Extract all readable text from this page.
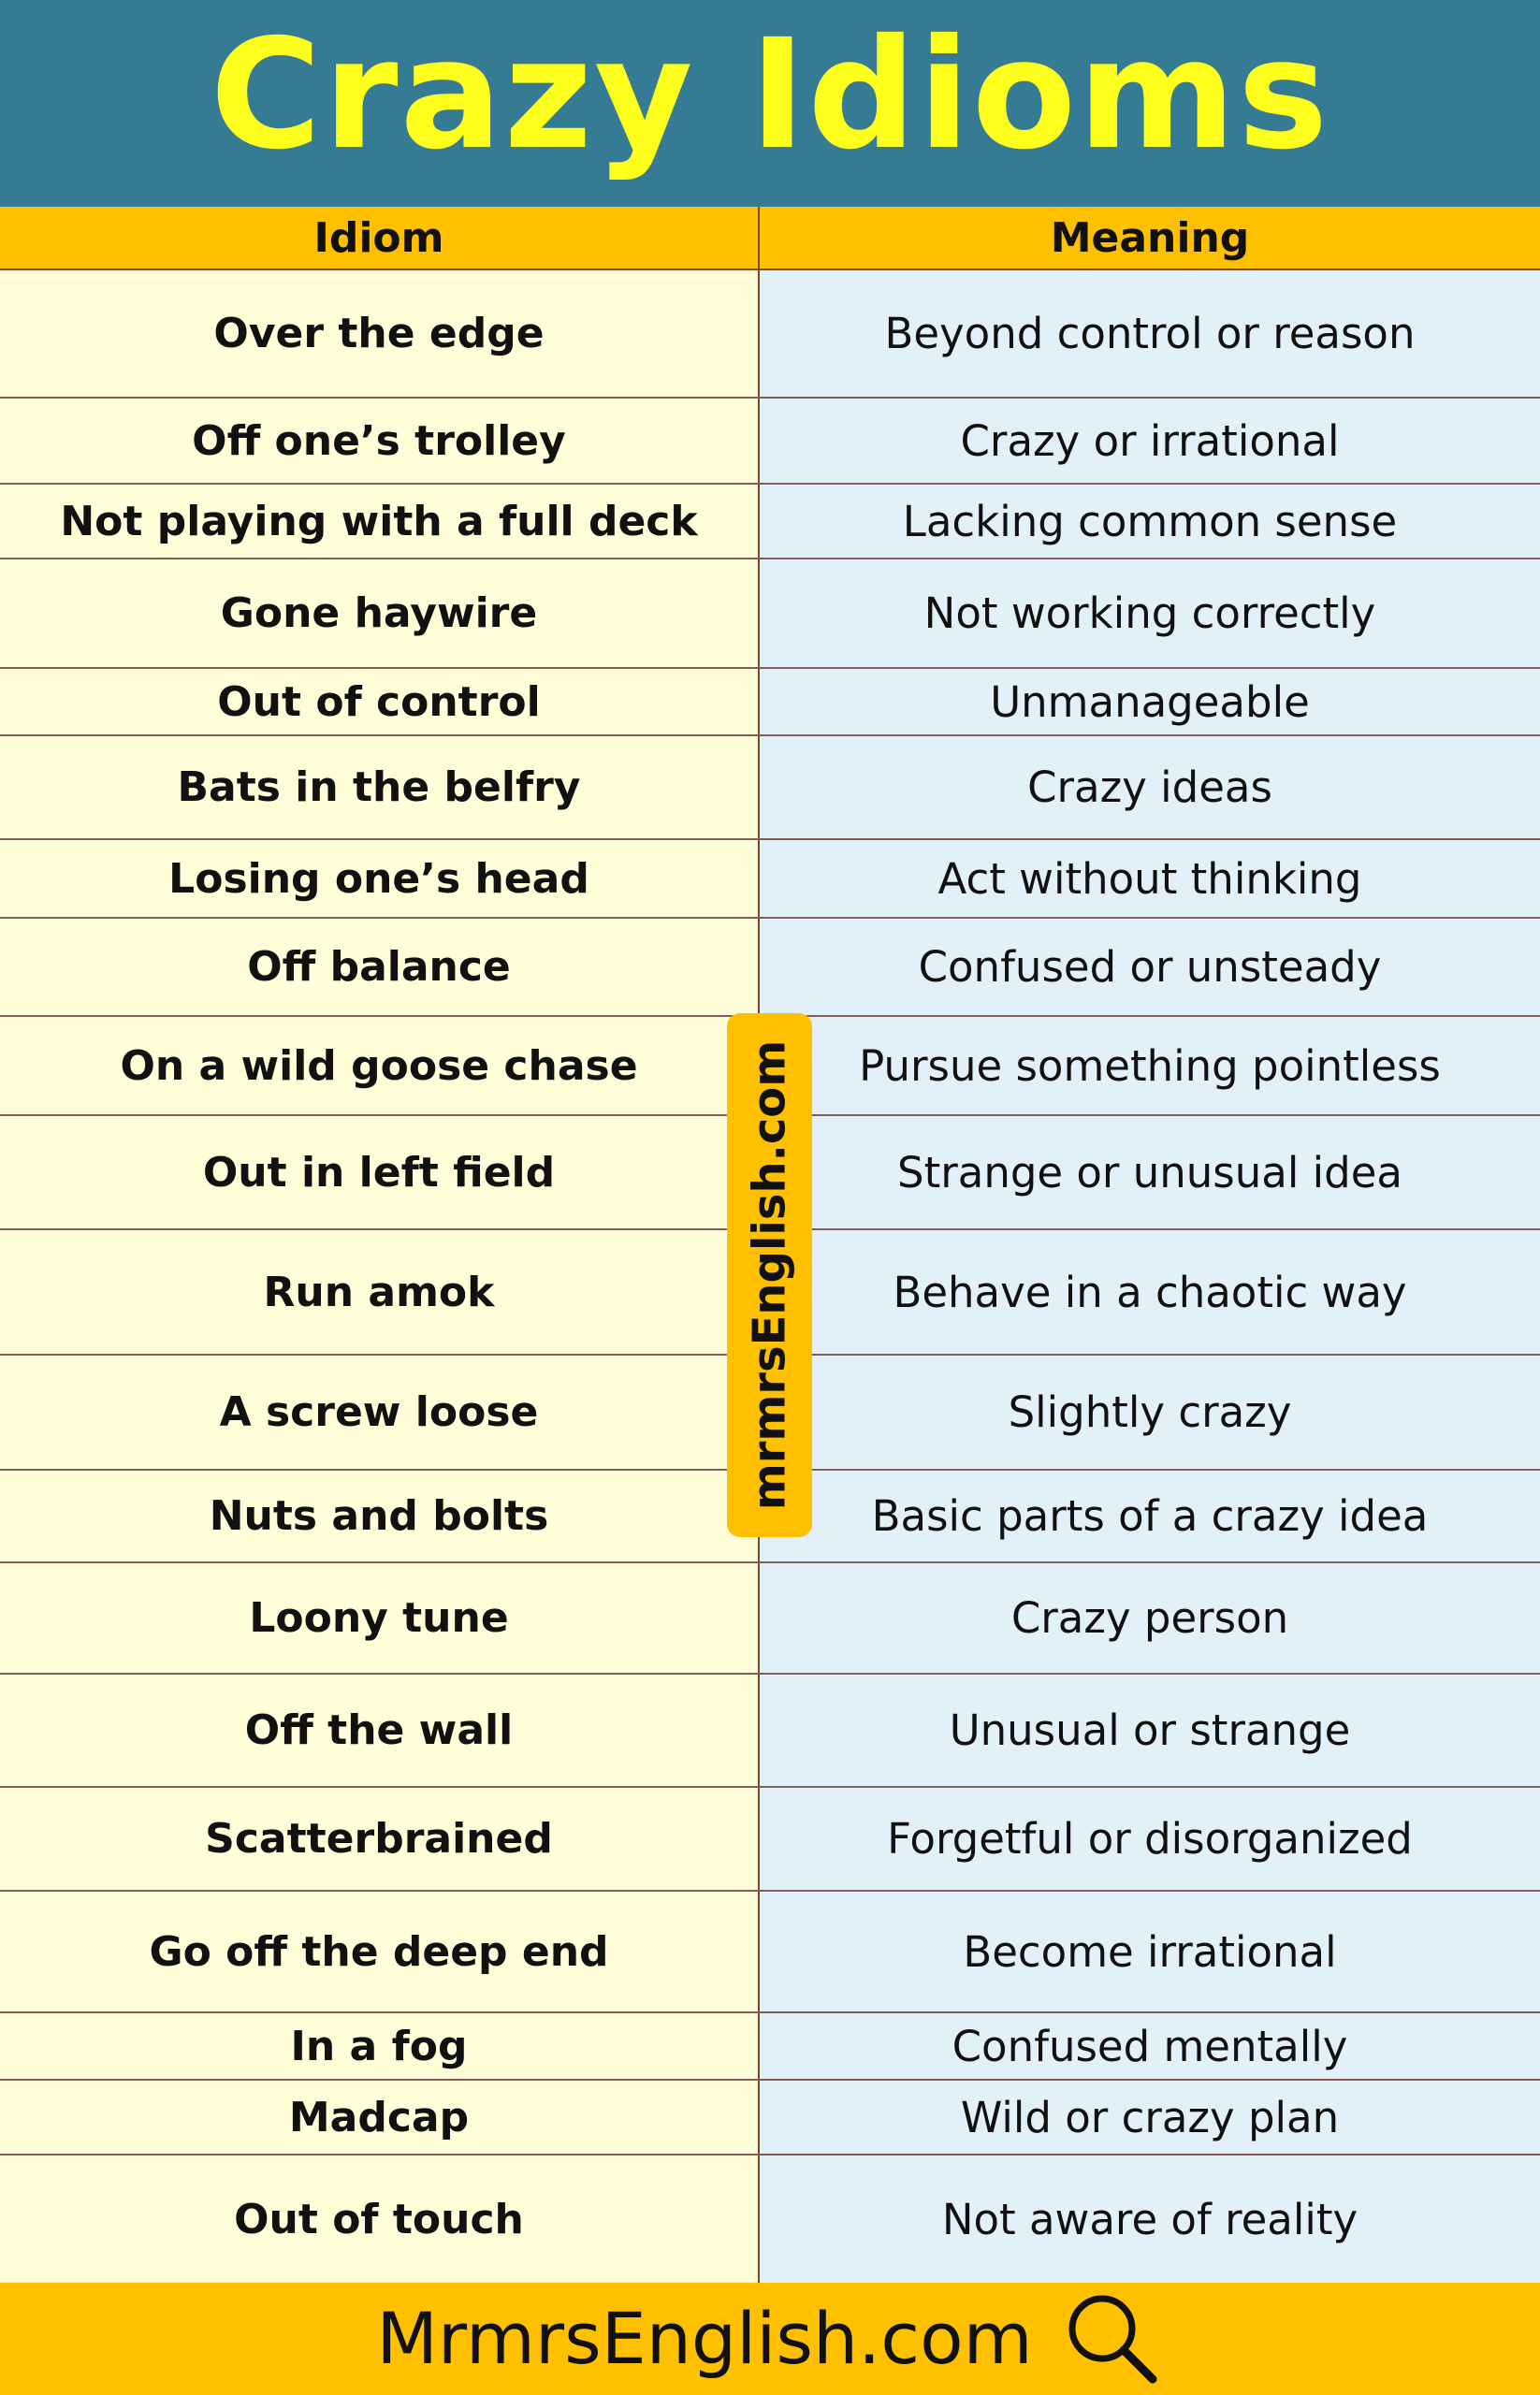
Crazy Idioms
Idiom	Meaning
Over the edge	Beyond control or reason
Off one’s trolley	Crazy or irrational
Not playing with a full deck	Lacking common sense
Gone haywire	Not working correctly
Out of control	Unmanageable
Bats in the belfry	Crazy ideas
Losing one’s head	Act without thinking
Off balance	Confused or unsteady
On a wild goose chase	Pursue something pointless
Out in left field	Strange or unusual idea
Run amok	Behave in a chaotic way
A screw loose	Slightly crazy
Nuts and bolts	Basic parts of a crazy idea
Loony tune	Crazy person
Off the wall	Unusual or strange
Scatterbrained	Forgetful or disorganized
Go off the deep end	Become irrational
In a fog	Confused mentally
Madcap	Wild or crazy plan
Out of touch	Not aware of reality
mrmrsEnglish.com
MrmrsEnglish.com
